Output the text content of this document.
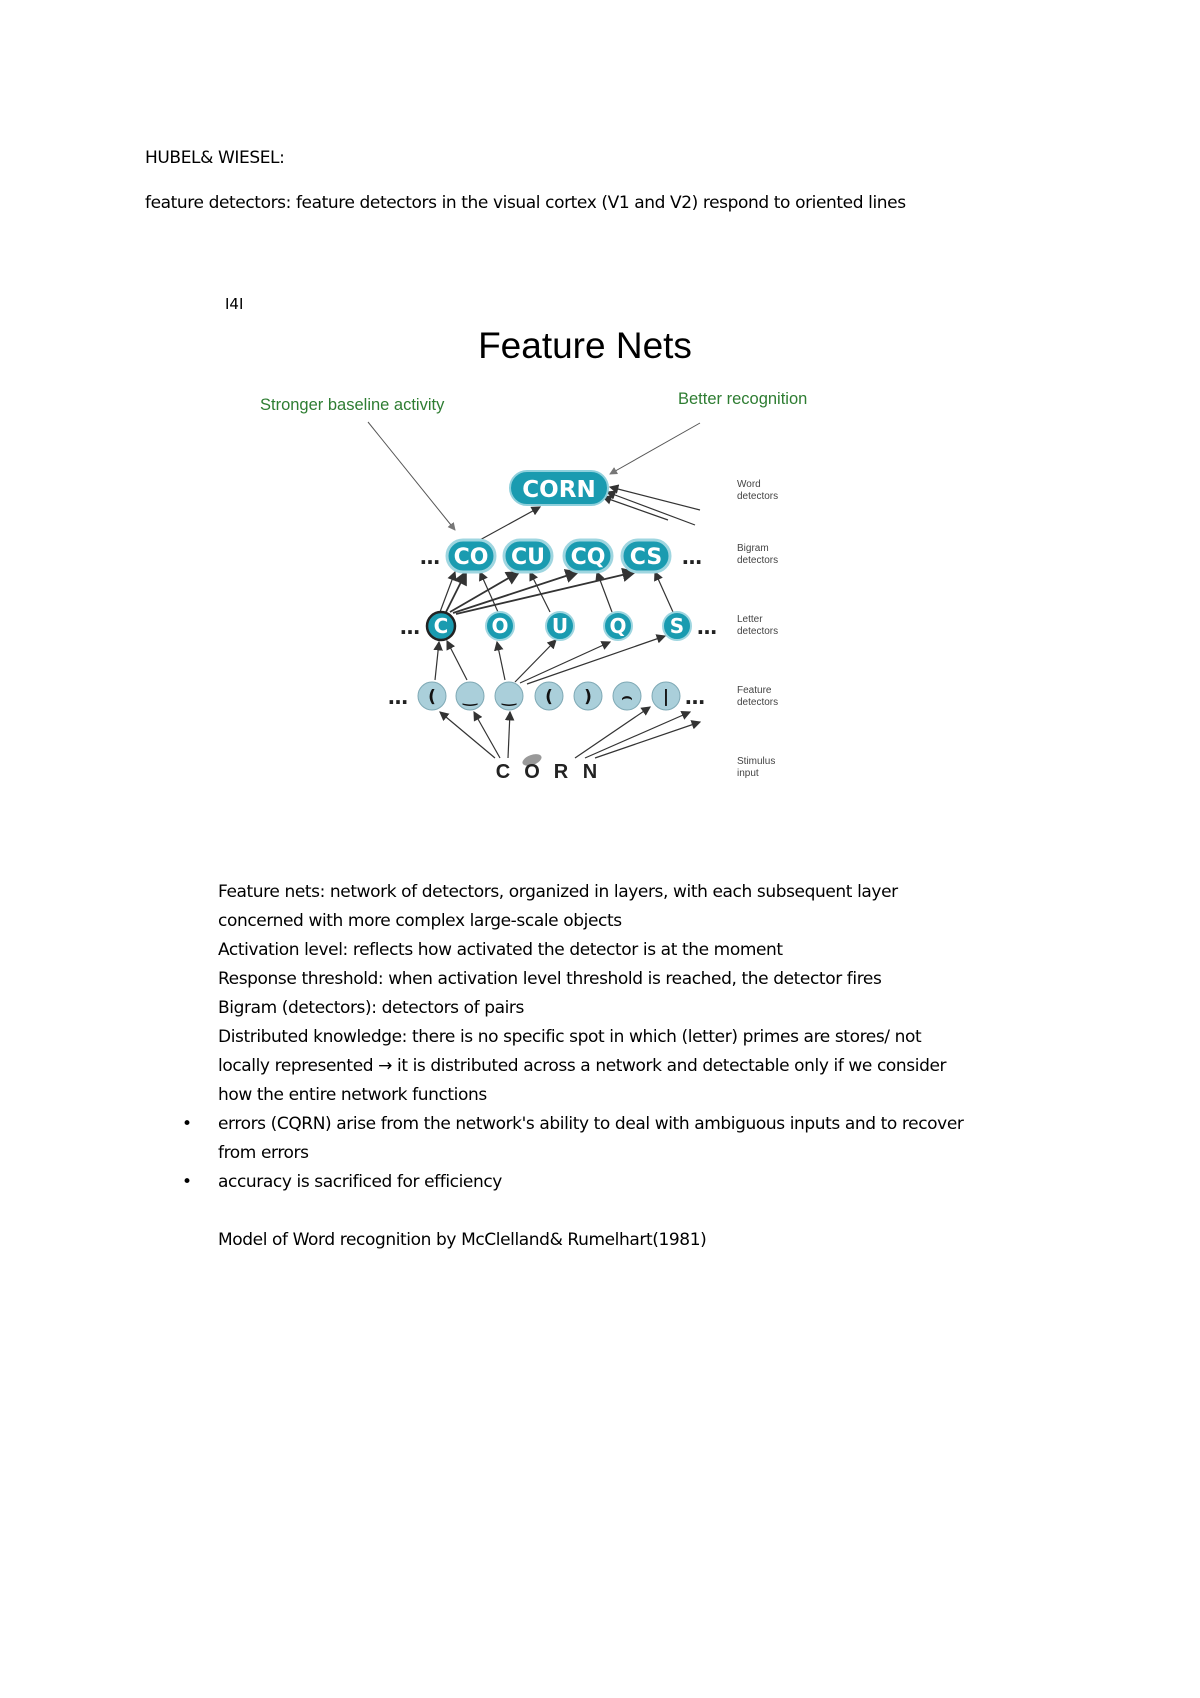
HUBEL& WIESEL:
feature detectors: feature detectors in the visual cortex (V1 and V2) respond to oriented lines
I4I
Feature Nets
Stronger baseline activity	Better recognition
CORN
CO CU CQ CS
C O U Q S
( ‿ ‿ ( ) ⌢ |
…	…
…	…
…	…
C O R N
Word
detectors
Bigram
detectors
Letter
detectors
Feature
detectors
Stimulus
input
Feature nets: network of detectors, organized in layers, with each subsequent layer
concerned with more complex large-scale objects
Activation level: reflects how activated the detector is at the moment
Response threshold: when activation level threshold is reached, the detector fires
Bigram (detectors): detectors of pairs
Distributed knowledge: there is no specific spot in which (letter) primes are stores/ not
locally represented → it is distributed across a network and detectable only if we consider
how the entire network functions
• errors (CQRN) arise from the network's ability to deal with ambiguous inputs and to recover
from errors
• accuracy is sacrificed for efficiency
Model of Word recognition by McClelland& Rumelhart(1981)
